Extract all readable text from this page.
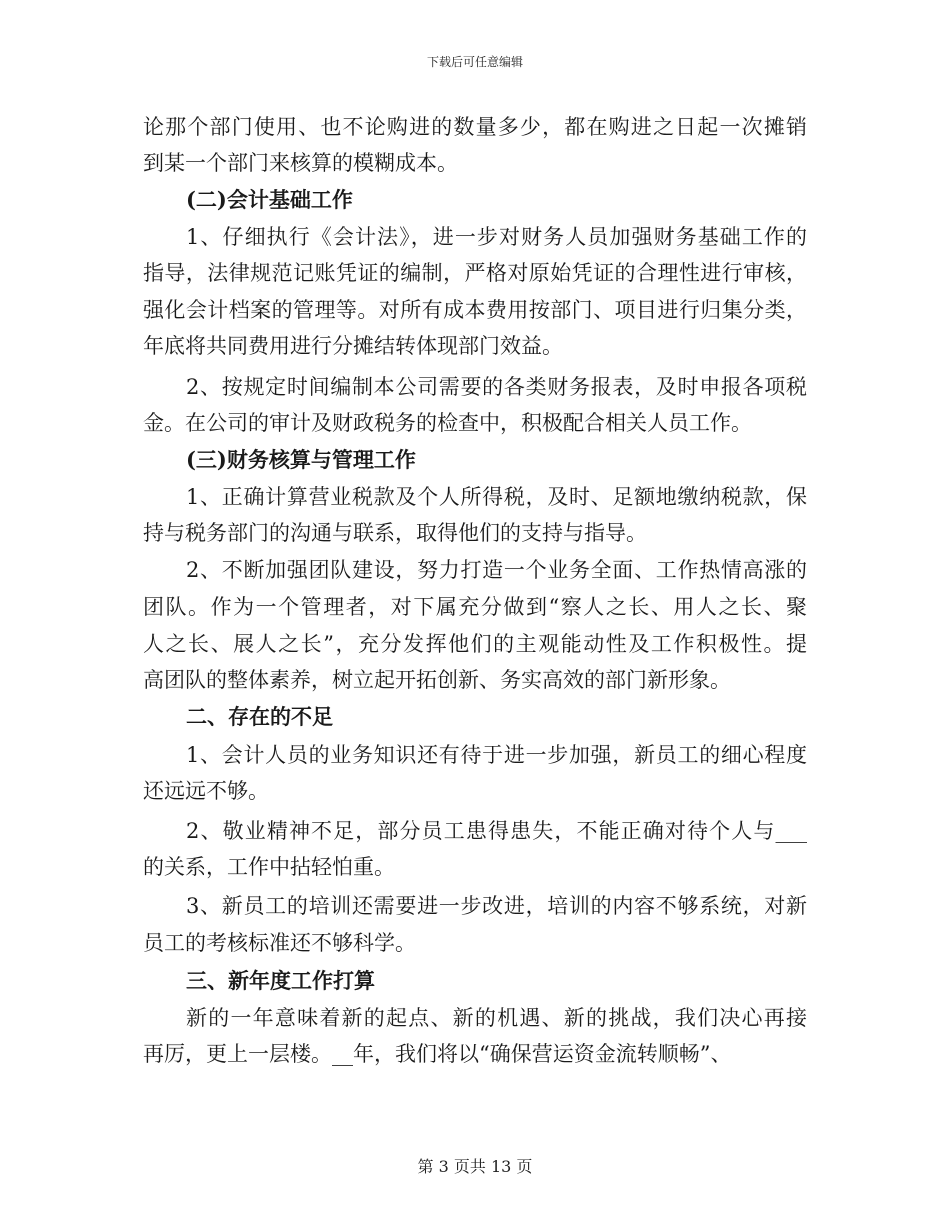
下载后可任意编辑
论那个部门使用、也不论购进的数量多少，都在购进之日起一次摊销
到某一个部门来核算的模糊成本。
(二)会计基础工作
1、仔细执行《会计法》，进一步对财务人员加强财务基础工作的
指导，法律规范记账凭证的编制，严格对原始凭证的合理性进行审核，
强化会计档案的管理等。对所有成本费用按部门、项目进行归集分类，
年底将共同费用进行分摊结转体现部门效益。
2、按规定时间编制本公司需要的各类财务报表，及时申报各项税
金。在公司的审计及财政税务的检查中，积极配合相关人员工作。
(三)财务核算与管理工作
1、正确计算营业税款及个人所得税，及时、足额地缴纳税款，保
持与税务部门的沟通与联系，取得他们的支持与指导。
2、不断加强团队建设，努力打造一个业务全面、工作热情高涨的
团队。作为一个管理者，对下属充分做到“察人之长、用人之长、聚
人之长、展人之长”，充分发挥他们的主观能动性及工作积极性。提
高团队的整体素养，树立起开拓创新、务实高效的部门新形象。
二、存在的不足
1、会计人员的业务知识还有待于进一步加强，新员工的细心程度
还远远不够。
2、敬业精神不足，部分员工患得患失，不能正确对待个人与___
的关系，工作中拈轻怕重。
3、新员工的培训还需要进一步改进，培训的内容不够系统，对新
员工的考核标准还不够科学。
三、新年度工作打算
新的一年意味着新的起点、新的机遇、新的挑战，我们决心再接
再厉，更上一层楼。__年，我们将以“确保营运资金流转顺畅”、
第 3 页共 13 页
